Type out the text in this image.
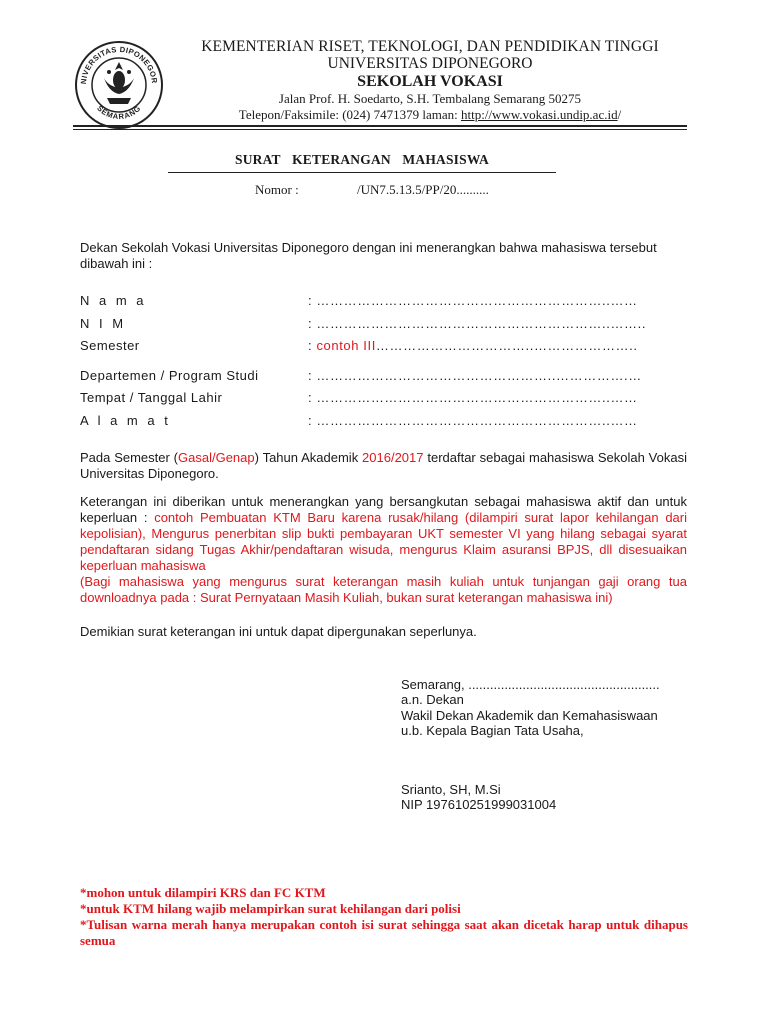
NIVERSITAS DIPONEGOR
SEMARANG
KEMENTERIAN RISET, TEKNOLOGI, DAN PENDIDIKAN TINGGI
UNIVERSITAS DIPONEGORO
SEKOLAH VOKASI
Jalan Prof. H. Soedarto, S.H. Tembalang Semarang 50275
Telepon/Faksimile: (024) 7471379 laman: http://www.vokasi.undip.ac.id/
SURAT KETERANGAN MAHASISWA
Nomor :	/UN7.5.13.5/PP/20..........
Dekan Sekolah Vokasi Universitas Diponegoro dengan ini menerangkan bahwa mahasiswa tersebut dibawah ini :
N a m a	: ………………………………………………………..……
N I M	: ………………………………………………………..……..
Semester	: contoh III……………………………..…………………..
Departemen / Program Studi	: ……………………………………………..…………….…
Tempat / Tanggal Lahir	: ………………………………………………………..……
A l a m a t	: ………………………………………………………..……
Pada Semester (Gasal/Genap) Tahun Akademik 2016/2017 terdaftar sebagai mahasiswa Sekolah Vokasi Universitas Diponegoro.
Keterangan ini diberikan untuk menerangkan yang bersangkutan sebagai mahasiswa aktif dan untuk keperluan : contoh Pembuatan KTM Baru karena rusak/hilang (dilampiri surat lapor kehilangan dari kepolisian), Mengurus penerbitan slip bukti pembayaran UKT semester VI yang hilang sebagai syarat pendaftaran sidang Tugas Akhir/pendaftaran wisuda, mengurus Klaim asuransi BPJS, dll disesuaikan keperluan mahasiswa
(Bagi mahasiswa yang mengurus surat keterangan masih kuliah untuk tunjangan gaji orang tua downloadnya pada : Surat Pernyataan Masih Kuliah, bukan surat keterangan mahasiswa ini)
Demikian surat keterangan ini untuk dapat dipergunakan seperlunya.
Semarang, .....................................................
a.n. Dekan
Wakil Dekan Akademik dan Kemahasiswaan
u.b. Kepala Bagian Tata Usaha,
Srianto, SH, M.Si
NIP 197610251999031004
*mohon untuk dilampiri KRS dan FC KTM
*untuk KTM hilang wajib melampirkan surat kehilangan dari polisi
*Tulisan warna merah hanya merupakan contoh isi surat sehingga saat akan dicetak harap untuk dihapus semua
